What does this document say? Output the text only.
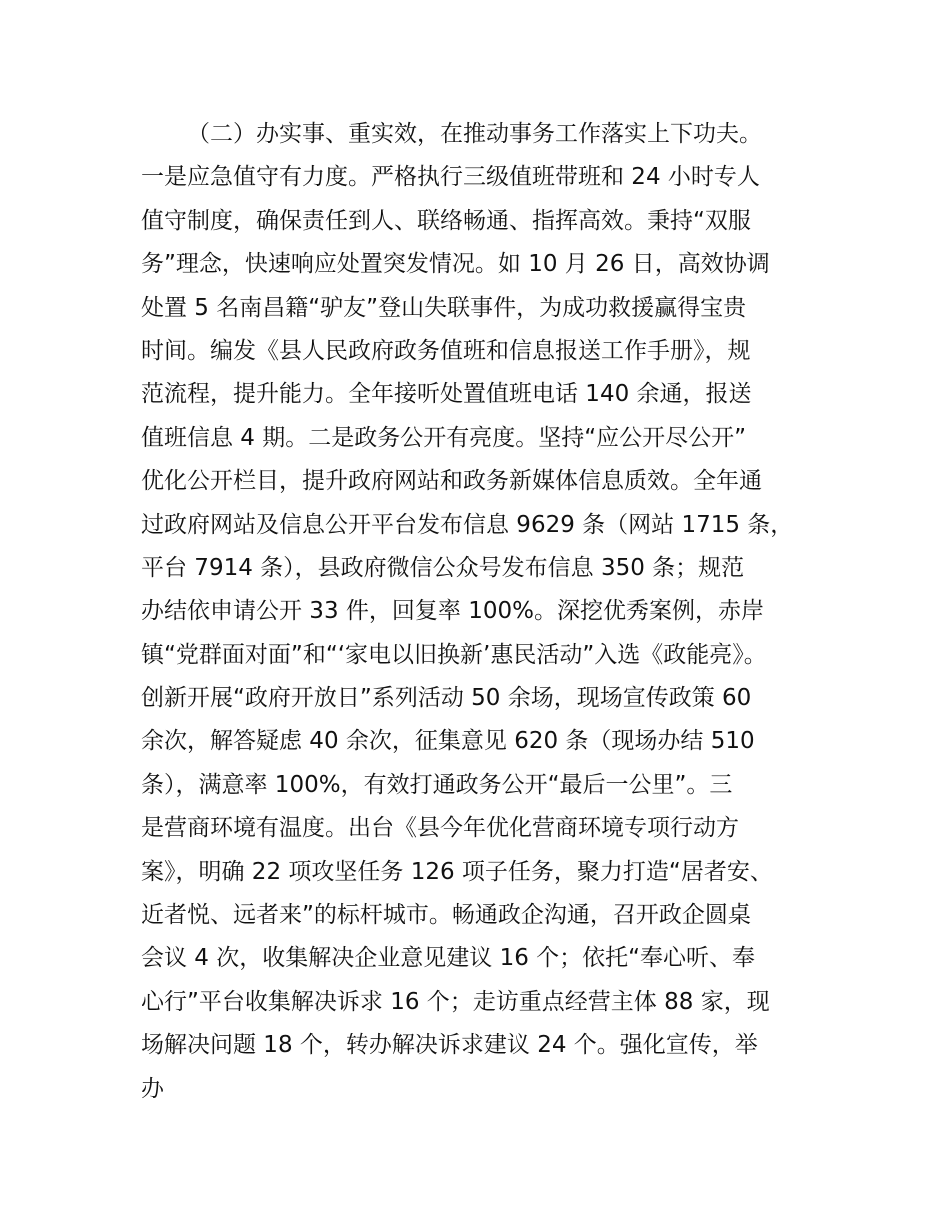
（二）办实事、重实效，在推动事务工作落实上下功夫。
一是应急值守有力度。严格执行三级值班带班和 24 小时专人
值守制度，确保责任到人、联络畅通、指挥高效。秉持“双服
务”理念，快速响应处置突发情况。如 10 月 26 日，高效协调
处置 5 名南昌籍“驴友”登山失联事件，为成功救援赢得宝贵
时间。编发《县人民政府政务值班和信息报送工作手册》，规
范流程，提升能力。全年接听处置值班电话 140 余通，报送
值班信息 4 期。二是政务公开有亮度。坚持“应公开尽公开”
优化公开栏目，提升政府网站和政务新媒体信息质效。全年通
过政府网站及信息公开平台发布信息 9629 条（网站 1715 条，
平台 7914 条），县政府微信公众号发布信息 350 条；规范
办结依申请公开 33 件，回复率 100%。深挖优秀案例，赤岸
镇“党群面对面”和“‘家电以旧换新’惠民活动”入选《政能亮》。
创新开展“政府开放日”系列活动 50 余场，现场宣传政策 60
余次，解答疑虑 40 余次，征集意见 620 条（现场办结 510
条），满意率 100%，有效打通政务公开“最后一公里”。三
是营商环境有温度。出台《县今年优化营商环境专项行动方
案》，明确 22 项攻坚任务 126 项子任务，聚力打造“居者安、
近者悦、远者来”的标杆城市。畅通政企沟通，召开政企圆桌
会议 4 次，收集解决企业意见建议 16 个；依托“奉心听、奉
心行”平台收集解决诉求 16 个；走访重点经营主体 88 家，现
场解决问题 18 个，转办解决诉求建议 24 个。强化宣传，举
办
